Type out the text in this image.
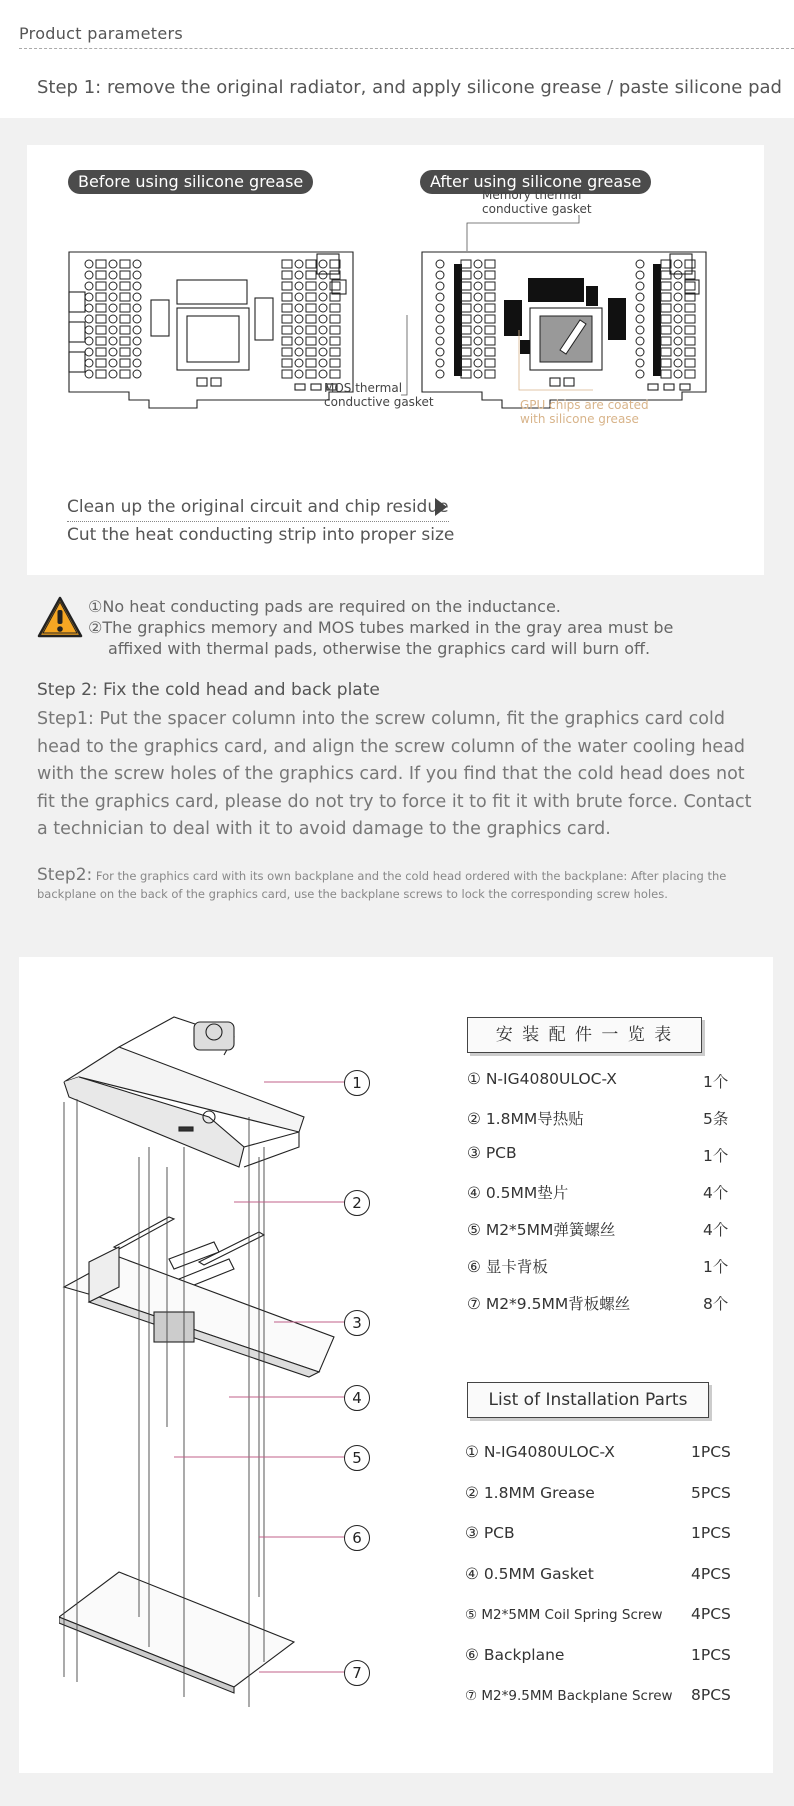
Product parameters
Step 1: remove the original radiator, and apply silicone grease / paste silicone pad
Before using silicone grease	After using silicone grease
Memory thermal
conductive gasket
MOS thermal
conductive gasket	GPU chips are coated
with silicone grease
Clean up the original circuit and chip residue
Cut the heat conducting strip into proper size
①No heat conducting pads are required on the inductance.
②The graphics memory and MOS tubes marked in the gray area must be
affixed with thermal pads, otherwise the graphics card will burn off.
Step 2: Fix the cold head and back plate
Step1: Put the spacer column into the screw column, fit the graphics card cold head to the graphics card, and align the screw column of the water cooling head with the screw holes of the graphics card. If you find that the cold head does not fit the graphics card, please do not try to force it to fit it with brute force. Contact a technician to deal with it to avoid damage to the graphics card.
Step2: For the graphics card with its own backplane and the cold head ordered with the backplane: After placing the backplane on the back of the graphics card, use the backplane screws to lock the corresponding screw holes.
1
2
3
4
5
6
7
安 装 配 件 一 览 表
① N-IG4080ULOC-X	1个
② 1.8MM导热贴	5条
③ PCB	1个
④ 0.5MM垫片	4个
⑤ M2*5MM弹簧螺丝	4个
⑥ 显卡背板	1个
⑦ M2*9.5MM背板螺丝	8个
List of Installation Parts
① N-IG4080ULOC-X	1PCS
② 1.8MM Grease	5PCS
③ PCB	1PCS
④ 0.5MM Gasket	4PCS
⑤ M2*5MM Coil Spring Screw 4PCS
⑥ Backplane	1PCS
⑦ M2*9.5MM Backplane Screw 8PCS
